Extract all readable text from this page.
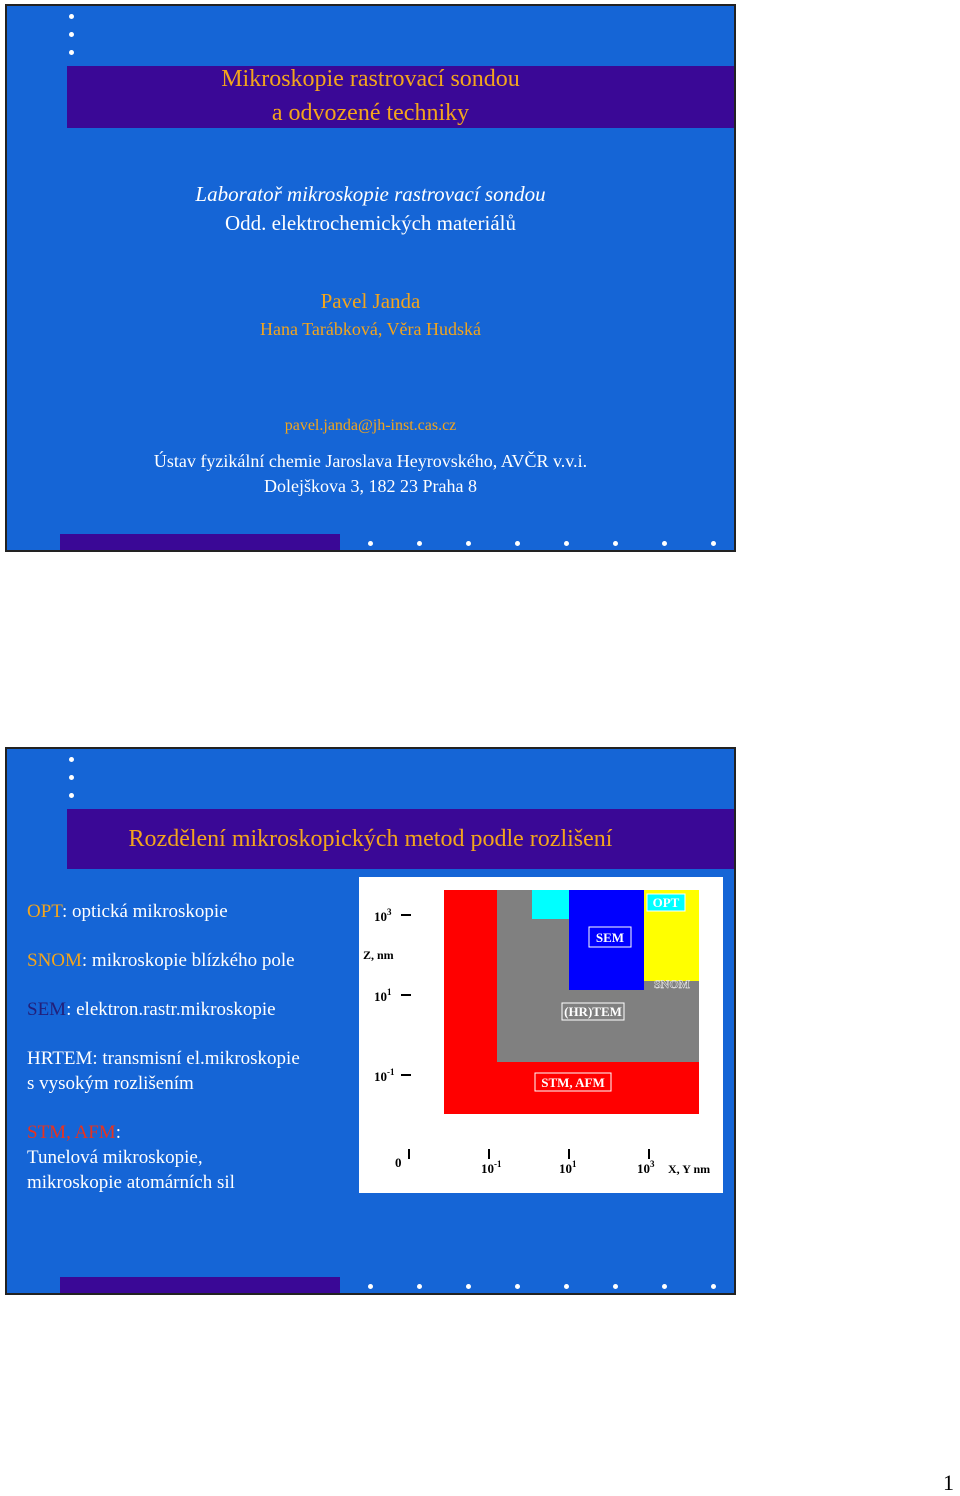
Mikroskopie rastrovací sondou
a odvozené techniky
Laboratoř mikroskopie rastrovací sondou
Odd. elektrochemických materiálů
Pavel Janda
Hana Tarábková, Věra Hudská
pavel.janda@jh-inst.cas.cz
Ústav fyzikální chemie Jaroslava Heyrovského, AVČR v.v.i.
Dolejškova 3, 182 23 Praha 8
Rozdělení mikroskopických metod podle rozlišení
OPT: optická mikroskopie
SNOM: mikroskopie blízkého pole
SEM: elektron.rastr.mikroskopie
HRTEM: transmisní el.mikroskopie
s vysokým rozlišením
STM, AFM:
Tunelová mikroskopie,
mikroskopie atomárních sil
OPT
SEM
SNOM
(HR)TEM
STM, AFM
$10^3$
$10^1$
$10^{-1}$
Z, nm
0	$10^{-1}$	$10^1$	$10^3$ X, Y nm
1
